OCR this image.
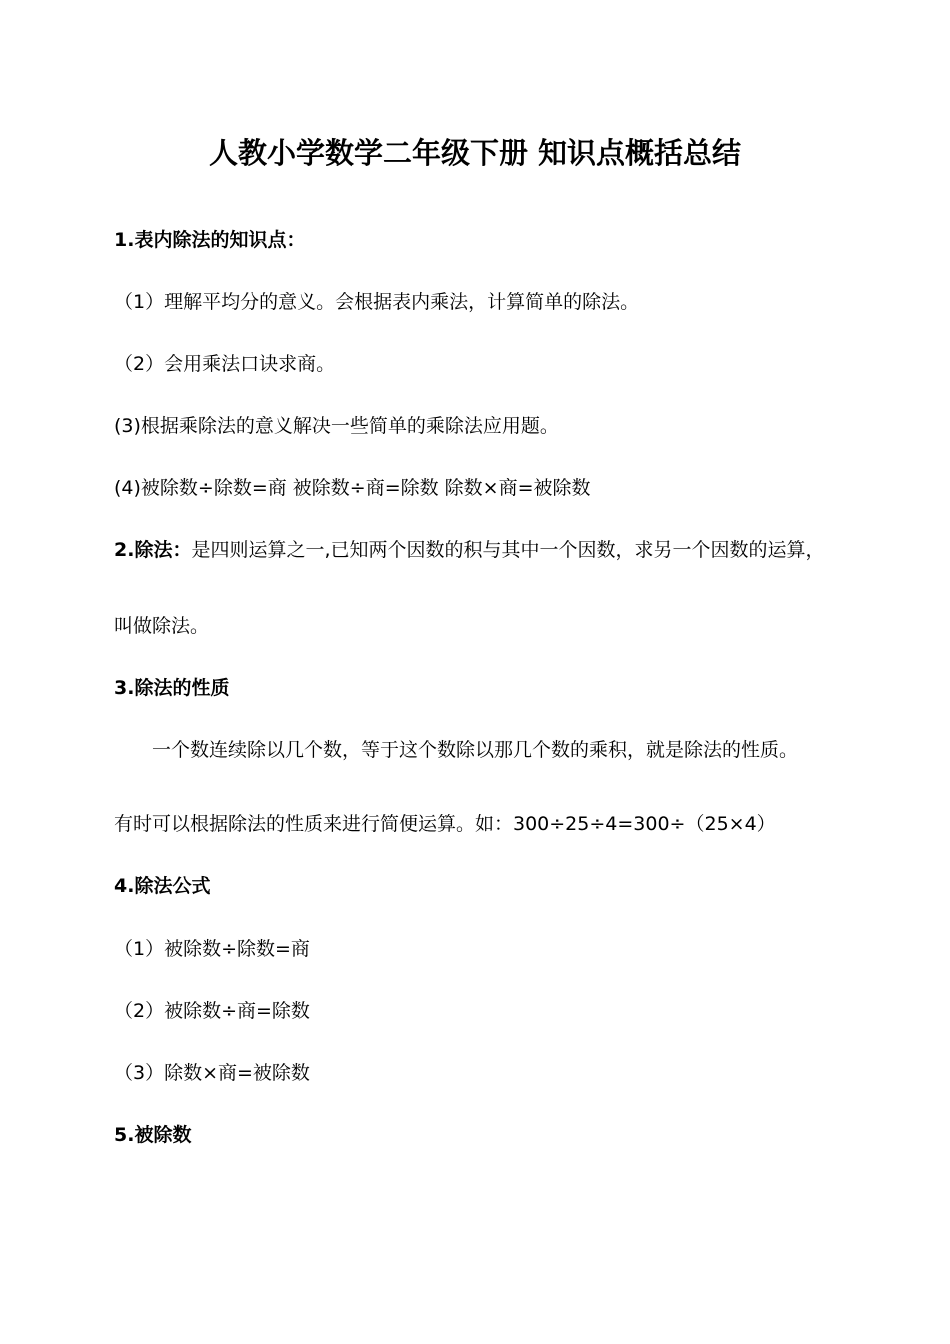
人教小学数学二年级下册 知识点概括总结
1.表内除法的知识点：
（1）理解平均分的意义。会根据表内乘法，计算简单的除法。
（2）会用乘法口诀求商。
(3)根据乘除法的意义解决一些简单的乘除法应用题。
(4)被除数÷除数=商 被除数÷商=除数 除数×商=被除数
2.除法：是四则运算之一,已知两个因数的积与其中一个因数，求另一个因数的运算，
叫做除法。
3.除法的性质
一个数连续除以几个数，等于这个数除以那几个数的乘积，就是除法的性质。
有时可以根据除法的性质来进行简便运算。如：300÷25÷4=300÷（25×4）
4.除法公式
（1）被除数÷除数=商
（2）被除数÷商=除数
（3）除数×商=被除数
5.被除数
